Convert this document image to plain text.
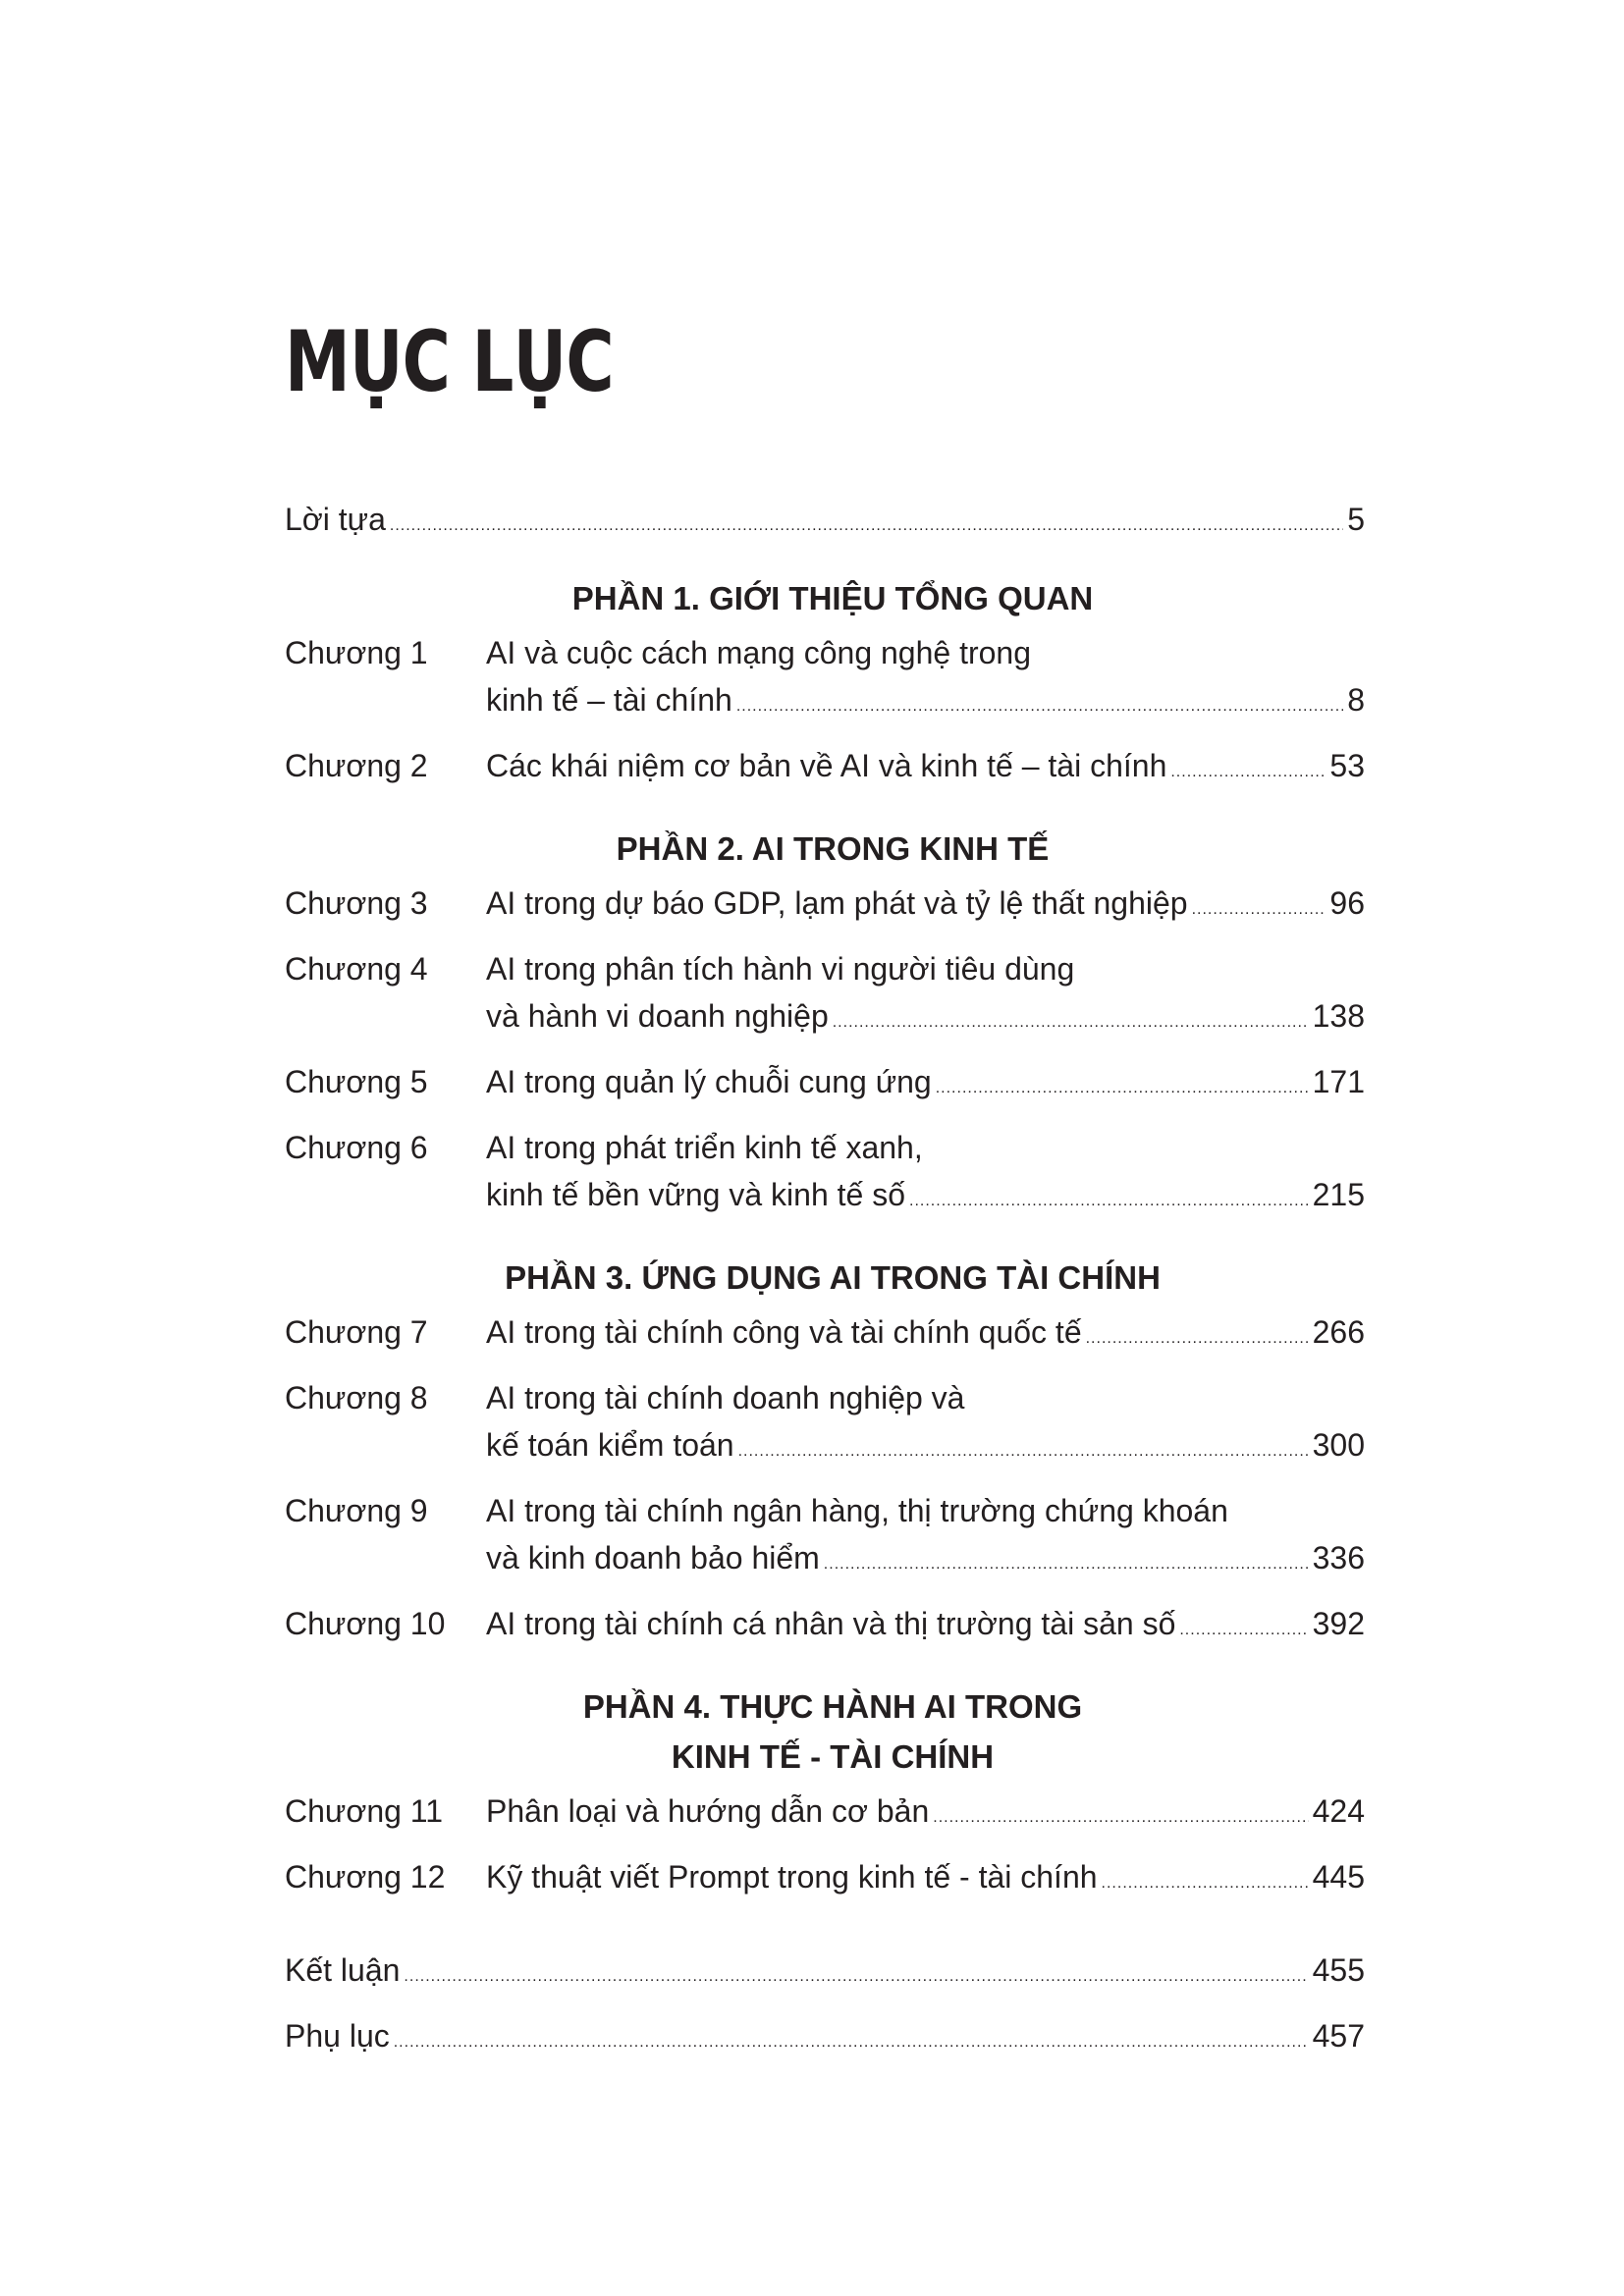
MỤC LỤC
Lời tựa .....	5
PHẦN 1. GIỚI THIỆU TỔNG QUAN
Chương 1	AI và cuộc cách mạng công nghệ trong
kinh tế – tài chính .....	8
Chương 2	Các khái niệm cơ bản về AI và kinh tế – tài chính .....	53
PHẦN 2. AI TRONG KINH TẾ
Chương 3	AI trong dự báo GDP, lạm phát và tỷ lệ thất nghiệp .....	96
Chương 4	AI trong phân tích hành vi người tiêu dùng
và hành vi doanh nghiệp .....	138
Chương 5	AI trong quản lý chuỗi cung ứng .....	171
Chương 6	AI trong phát triển kinh tế xanh,
kinh tế bền vững và kinh tế số .....	215
PHẦN 3. ỨNG DỤNG AI TRONG TÀI CHÍNH
Chương 7	AI trong tài chính công và tài chính quốc tế .....	266
Chương 8	AI trong tài chính doanh nghiệp và
kế toán kiểm toán .....	300
Chương 9	AI trong tài chính ngân hàng, thị trường chứng khoán
và kinh doanh bảo hiểm .....	336
Chương 10	AI trong tài chính cá nhân và thị trường tài sản số .....	392
PHẦN 4. THỰC HÀNH AI TRONG
KINH TẾ - TÀI CHÍNH
Chương 11	Phân loại và hướng dẫn cơ bản .....	424
Chương 12	Kỹ thuật viết Prompt trong kinh tế - tài chính .....	445
Kết luận .....	455
Phụ lục .....	457
